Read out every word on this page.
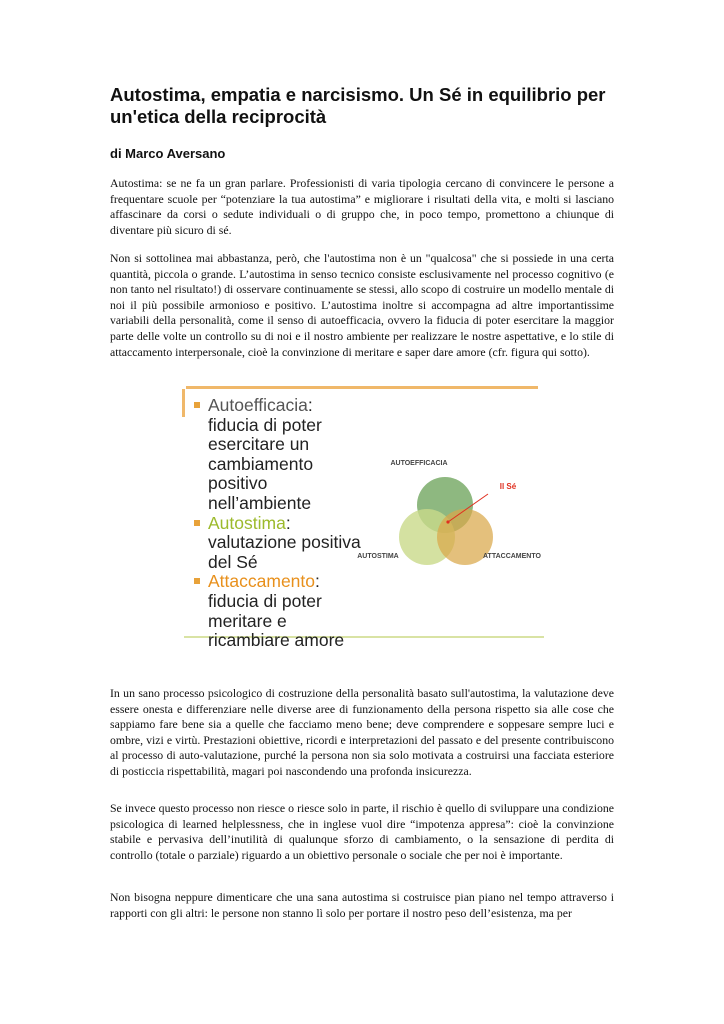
Autostima, empatia e narcisismo. Un Sé in equilibrio per un'etica della reciprocità
di Marco Aversano

Autostima: se ne fa un gran parlare. Professionisti di varia tipologia cercano di convincere le persone a frequentare scuole per “potenziare la tua autostima” e migliorare i risultati della vita, e molti si lasciano affascinare da corsi o sedute individuali o di gruppo che, in poco tempo, promettono a chiunque di diventare più sicuro di sé.

Non si sottolinea mai abbastanza, però, che l'autostima non è un "qualcosa" che si possiede in una certa quantità, piccola o grande. L’autostima in senso tecnico consiste esclusivamente nel processo cognitivo (e non tanto nel risultato!) di osservare continuamente se stessi, allo scopo di costruire un modello mentale di noi il più possibile armonioso e positivo. L’autostima inoltre si accompagna ad altre importantissime variabili della personalità, come il senso di autoefficacia, ovvero la fiducia di poter esercitare la maggior parte delle volte un controllo su di noi e il nostro ambiente per realizzare le nostre aspettative, e lo stile di attaccamento interpersonale, cioè la convinzione di meritare e saper dare amore (cfr. figura qui sotto).

Autoefficacia:
fiducia di poter
esercitare un
cambiamento
positivo
nell’ambiente
Autostima:
valutazione positiva
del Sé
Attaccamento:
fiducia di poter
meritare e
ricambiare amore
AUTOEFFICACIA
Il Sé
AUTOSTIMA	ATTACCAMENTO

In un sano processo psicologico di costruzione della personalità basato sull'autostima, la valutazione deve essere onesta e differenziare nelle diverse aree di funzionamento della persona rispetto sia alle cose che sappiamo fare bene sia a quelle che facciamo meno bene; deve comprendere e soppesare sempre luci e ombre, vizi e virtù. Prestazioni obiettive, ricordi e interpretazioni del passato e del presente contribuiscono al processo di auto-valutazione, purché la persona non sia solo motivata a costruirsi una facciata esteriore di posticcia rispettabilità, magari poi nascondendo una profonda insicurezza.

Se invece questo processo non riesce o riesce solo in parte, il rischio è quello di sviluppare una condizione psicologica di learned helplessness, che in inglese vuol dire “impotenza appresa”: cioè la convinzione stabile e pervasiva dell’inutilità di qualunque sforzo di cambiamento, o la sensazione di perdita di controllo (totale o parziale) riguardo a un obiettivo personale o sociale che per noi è importante.

Non bisogna neppure dimenticare che una sana autostima si costruisce pian piano nel tempo attraverso i rapporti con gli altri: le persone non stanno lì solo per portare il nostro peso dell’esistenza, ma per
